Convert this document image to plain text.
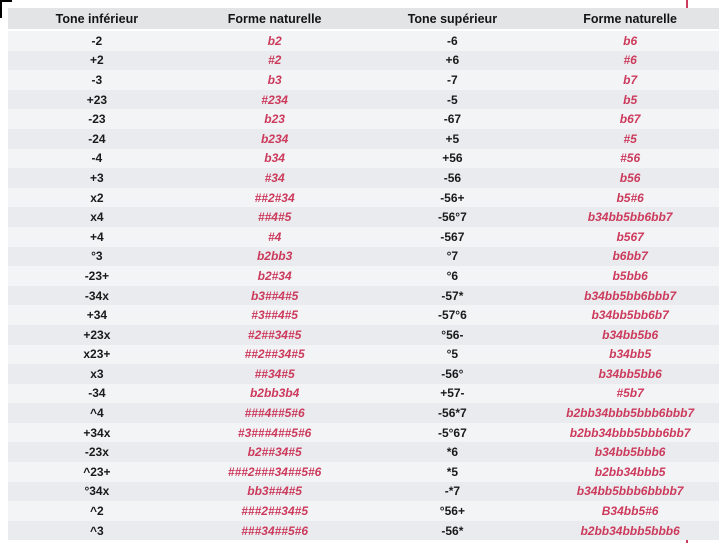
Tone inférieur	Forme naturelle	Tone supérieur	Forme naturelle
-2	b2	-6	b6
+2	#2	+6	#6
-3	b3	-7	b7
+23	#234	-5	b5
-23	b23	-67	b67
-24	b234	+5	#5
-4	b34	+56	#56
+3	#34	-56	b56
x2	##2#34	-56+	b5#6
x4	##4#5	-56°7	b34bb5bb6bb7
+4	#4	-567	b567
°3	b2bb3	°7	b6bb7
-23+	b2#34	°6	b5bb6
-34x	b3##4#5	-57*	b34bb5bb6bbb7
+34	#3##4#5	-57°6	b34bb5bb6b7
+23x	#2##34#5	°56-	b34bb5b6
x23+	##2##34#5	°5	b34bb5
x3	##34#5	-56°	b34bb5bb6
-34	b2bb3b4	+57-	#5b7
^4	###4##5#6	-56*7	b2bb34bbb5bbb6bbb7
+34x	#3###4##5#6	-5°67	b2bb34bbb5bbb6bb7
-23x	b2##34#5	*6	b34bb5bbb6
^23+	###2###34##5#6	*5	b2bb34bbb5
°34x	bb3##4#5	-*7	b34bb5bbb6bbbb7
^2	###2##34#5	°56+	B34bb5#6
^3	###34##5#6	-56*	b2bb34bbb5bbb6
